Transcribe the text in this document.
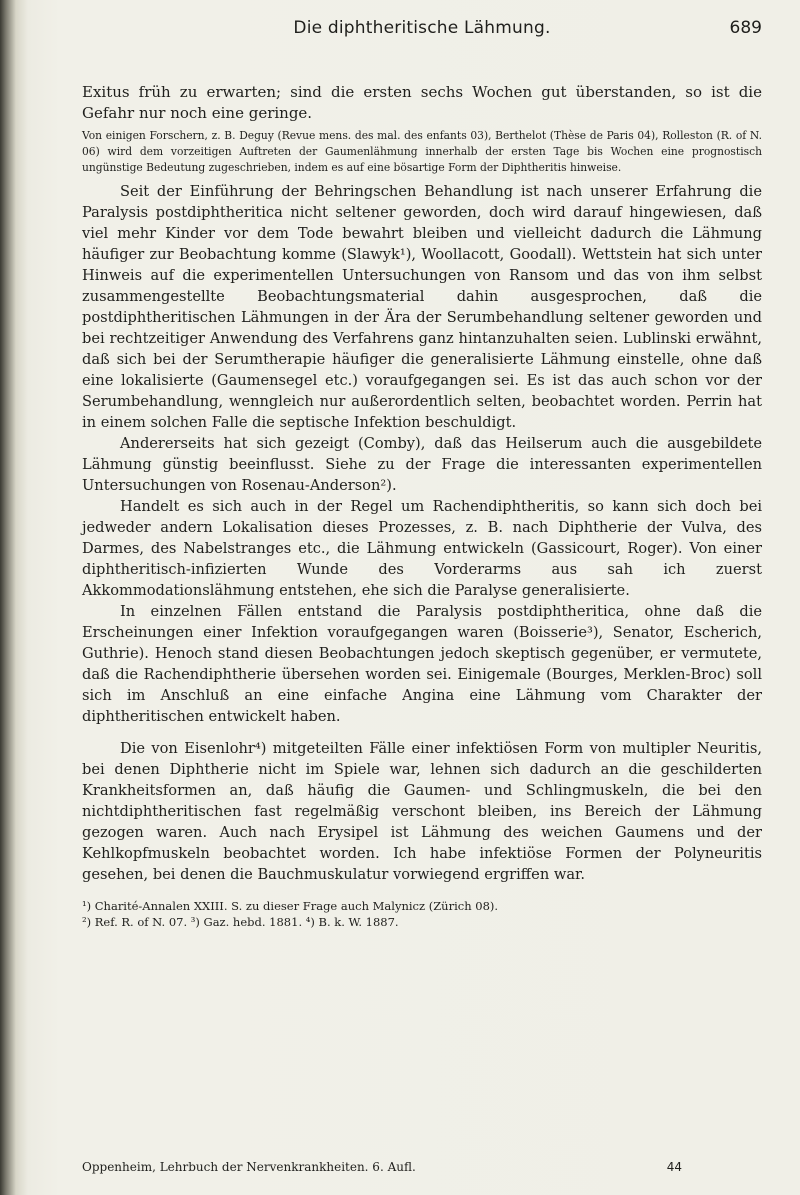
Die diphtheritische Lähmung.	689

Exitus früh zu erwarten; sind die ersten sechs Wochen gut überstanden, so ist die Gefahr nur noch eine geringe.

Von einigen Forschern, z. B. Deguy (Revue mens. des mal. des enfants 03), Berthelot (Thèse de Paris 04), Rolleston (R. of N. 06) wird dem vorzeitigen Auftreten der Gaumenlähmung innerhalb der ersten Tage bis Wochen eine prognostisch ungünstige Bedeutung zugeschrieben, indem es auf eine bösartige Form der Diphtheritis hinweise.

Seit der Einführung der Behringschen Behandlung ist nach unserer Erfahrung die Paralysis postdiphtheritica nicht seltener geworden, doch wird darauf hingewiesen, daß viel mehr Kinder vor dem Tode bewahrt bleiben und vielleicht dadurch die Lähmung häufiger zur Beobachtung komme (Slawyk¹), Woollacott, Goodall). Wettstein hat sich unter Hinweis auf die experimentellen Untersuchungen von Ransom und das von ihm selbst zusammengestellte Beobachtungsmaterial dahin ausgesprochen, daß die postdiphtheritischen Lähmungen in der Ära der Serumbehandlung seltener geworden und bei rechtzeitiger Anwendung des Verfahrens ganz hintanzuhalten seien. Lublinski erwähnt, daß sich bei der Serumtherapie häufiger die generalisierte Lähmung einstelle, ohne daß eine lokalisierte (Gaumensegel etc.) voraufgegangen sei. Es ist das auch schon vor der Serumbehandlung, wenngleich nur außerordentlich selten, beobachtet worden. Perrin hat in einem solchen Falle die septische Infektion beschuldigt.

Andererseits hat sich gezeigt (Comby), daß das Heilserum auch die ausgebildete Lähmung günstig beeinflusst. Siehe zu der Frage die interessanten experimentellen Untersuchungen von Rosenau-Anderson²).

Handelt es sich auch in der Regel um Rachendiphtheritis, so kann sich doch bei jedweder andern Lokalisation dieses Prozesses, z. B. nach Diphtherie der Vulva, des Darmes, des Nabelstranges etc., die Lähmung entwickeln (Gassicourt, Roger). Von einer diphtheritisch-infizierten Wunde des Vorderarms aus sah ich zuerst Akkommodationslähmung entstehen, ehe sich die Paralyse generalisierte.

In einzelnen Fällen entstand die Paralysis postdiphtheritica, ohne daß die Erscheinungen einer Infektion voraufgegangen waren (Boisserie³), Senator, Escherich, Guthrie). Henoch stand diesen Beobachtungen jedoch skeptisch gegenüber, er vermutete, daß die Rachendiphtherie übersehen worden sei. Einigemale (Bourges, Merklen-Broc) soll sich im Anschluß an eine einfache Angina eine Lähmung vom Charakter der diphtheritischen entwickelt haben.

Die von Eisenlohr⁴) mitgeteilten Fälle einer infektiösen Form von multipler Neuritis, bei denen Diphtherie nicht im Spiele war, lehnen sich dadurch an die geschilderten Krankheitsformen an, daß häufig die Gaumen- und Schlingmuskeln, die bei den nichtdiphtheritischen fast regelmäßig verschont bleiben, ins Bereich der Lähmung gezogen waren. Auch nach Erysipel ist Lähmung des weichen Gaumens und der Kehlkopfmuskeln beobachtet worden. Ich habe infektiöse Formen der Polyneuritis gesehen, bei denen die Bauchmuskulatur vorwiegend ergriffen war.

¹) Charité-Annalen XXIII. S. zu dieser Frage auch Malynicz (Zürich 08).

²) Ref. R. of N. 07. ³) Gaz. hebd. 1881. ⁴) B. k. W. 1887.

Oppenheim, Lehrbuch der Nervenkrankheiten. 6. Aufl.	44
